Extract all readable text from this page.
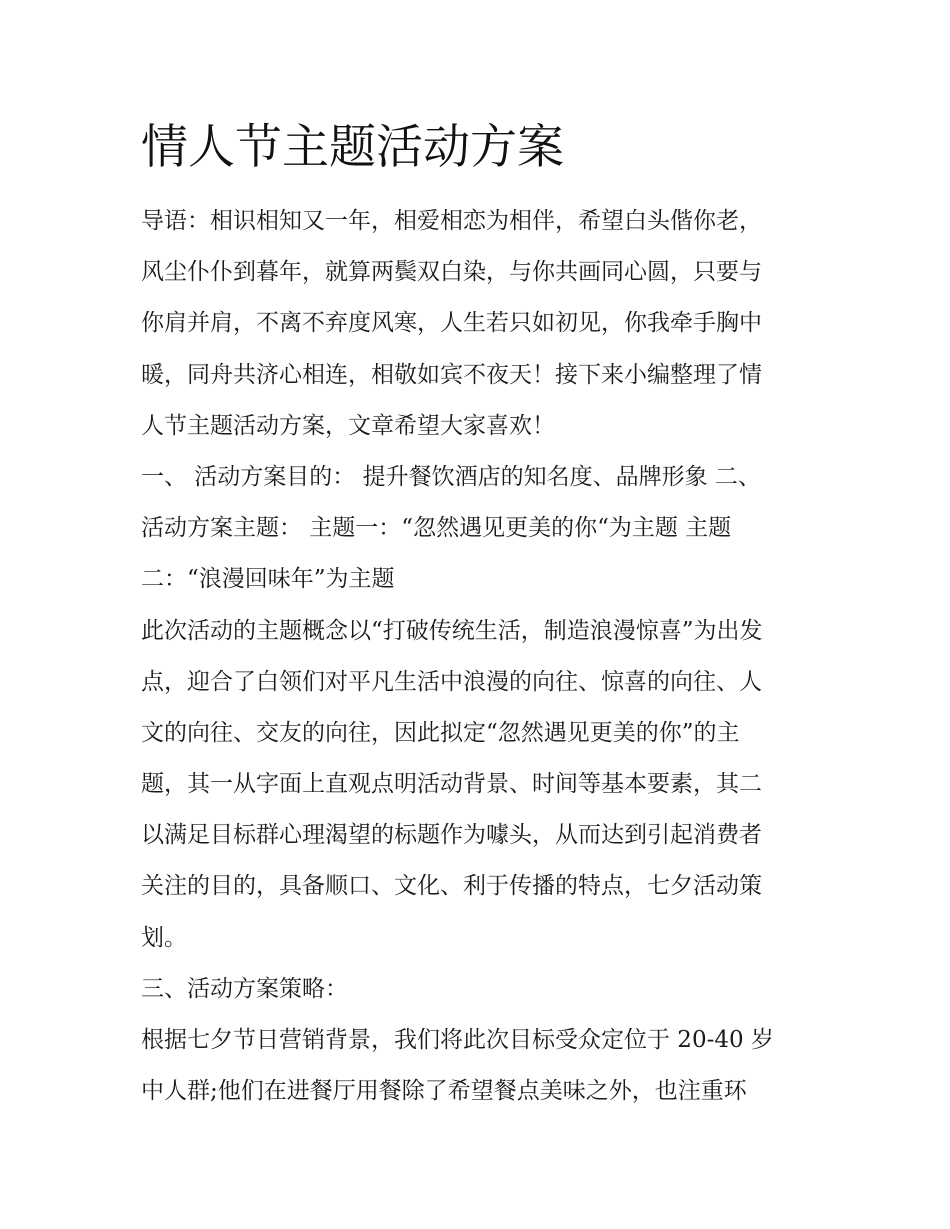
情人节主题活动方案
导语：相识相知又一年，相爱相恋为相伴，希望白头偕你老，
风尘仆仆到暮年，就算两鬓双白染，与你共画同心圆，只要与
你肩并肩，不离不弃度风寒，人生若只如初见，你我牵手胸中
暖，同舟共济心相连，相敬如宾不夜天！接下来小编整理了情
人节主题活动方案，文章希望大家喜欢！
一、 活动方案目的： 提升餐饮酒店的知名度、品牌形象 二、
活动方案主题： 主题一：“忽然遇见更美的你“为主题 主题
二：“浪漫回味年”为主题
此次活动的主题概念以“打破传统生活，制造浪漫惊喜”为出发
点，迎合了白领们对平凡生活中浪漫的向往、惊喜的向往、人
文的向往、交友的向往，因此拟定“忽然遇见更美的你”的主
题，其一从字面上直观点明活动背景、时间等基本要素，其二
以满足目标群心理渴望的标题作为噱头，从而达到引起消费者
关注的目的，具备顺口、文化、利于传播的特点，七夕活动策
划。
三、活动方案策略：
根据七夕节日营销背景，我们将此次目标受众定位于 20-40 岁
中人群;他们在进餐厅用餐除了希望餐点美味之外，也注重环
